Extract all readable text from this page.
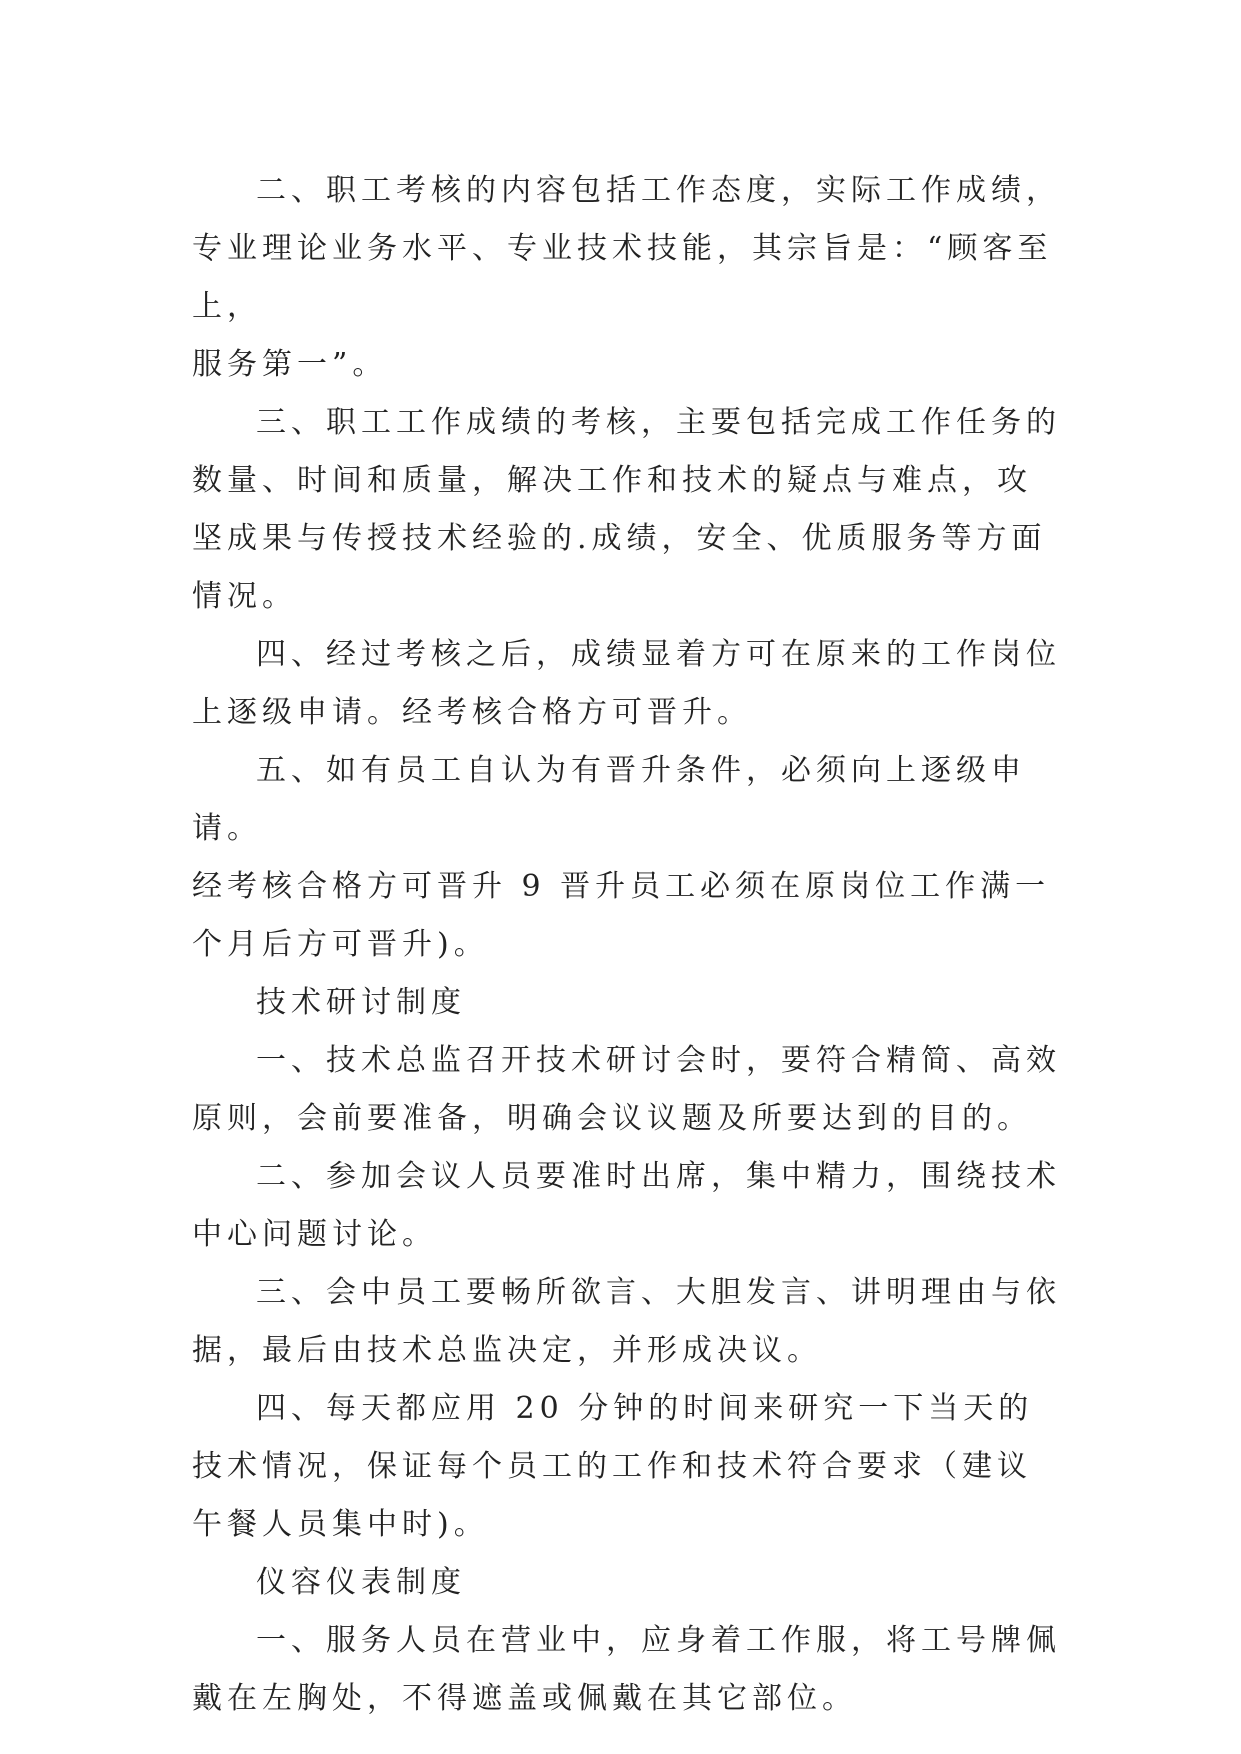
二、职工考核的内容包括工作态度，实际工作成绩，专业理论业务水平、专业技术技能，其宗旨是：“顾客至上，
服务第一”。

三、职工工作成绩的考核，主要包括完成工作任务的数量、时间和质量，解决工作和技术的疑点与难点，攻坚成果与传授技术经验的.成绩，安全、优质服务等方面情况。

四、经过考核之后，成绩显着方可在原来的工作岗位上逐级申请。经考核合格方可晋升。

五、如有员工自认为有晋升条件，必须向上逐级申请。
经考核合格方可晋升 9 晋升员工必须在原岗位工作满一个月后方可晋升)。

技术研讨制度

一、技术总监召开技术研讨会时，要符合精简、高效原则，会前要准备，明确会议议题及所要达到的目的。

二、参加会议人员要准时出席，集中精力，围绕技术中心问题讨论。

三、会中员工要畅所欲言、大胆发言、讲明理由与依据，最后由技术总监决定，并形成决议。

四、每天都应用 20 分钟的时间来研究一下当天的技术情况，保证每个员工的工作和技术符合要求（建议午餐人员集中时)。

仪容仪表制度

一、服务人员在营业中，应身着工作服，将工号牌佩戴在左胸处，不得遮盖或佩戴在其它部位。
